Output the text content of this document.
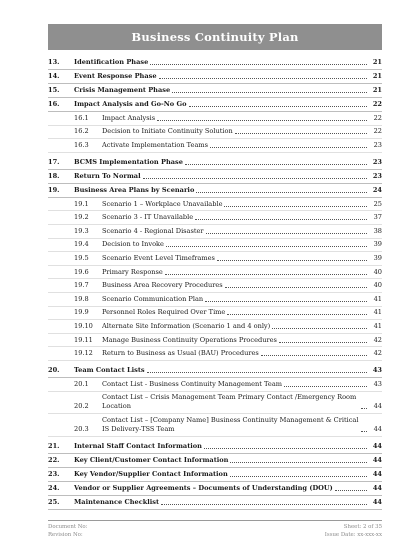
Business Continuity Plan
13.	Identification Phase	21
14.	Event Response Phase	21
15.	Crisis Management Phase	21
16.	Impact Analysis and Go-No Go	22
16.1	Impact Analysis	22
16.2	Decision to Initiate Continuity Solution	22
16.3	Activate Implementation Teams	23
17.	BCMS Implementation Phase	23
18.	Return To Normal	23
19.	Business Area Plans by Scenario	24
19.1	Scenario 1 – Workplace Unavailable	25
19.2	Scenario 3 - IT Unavailable	37
19.3	Scenario 4 - Regional Disaster	38
19.4	Decision to Invoke	39
19.5	Scenario Event Level Timeframes	39
19.6	Primary Response	40
19.7	Business Area Recovery Procedures	40
19.8	Scenario Communication Plan	41
19.9	Personnel Roles Required Over Time	41
19.10	Alternate Site Information (Scenario 1 and 4 only)	41
19.11	Manage Business Continuity Operations Procedures	42
19.12	Return to Business as Usual (BAU) Procedures	42
20.	Team Contact Lists	43
20.1	Contact List - Business Continuity Management Team	43
20.2
Contact List – Crisis Management Team Primary Contact /Emergency Room Location	44
20.3
Contact List – [Company Name] Business Continuity Management & Critical IS Delivery-TSS Team	44
21.	Internal Staff Contact Information	44
22.	Key Client/Customer Contact Information	44
23.	Key Vendor/Supplier Contact Information	44
24.	Vendor or Supplier Agreements – Documents of Understanding (DOU)	44
25.	Maintenance Checklist	44
Document No:
Revision No:
Sheet: 2 of 35
Issue Date: xx-xxx-xx
